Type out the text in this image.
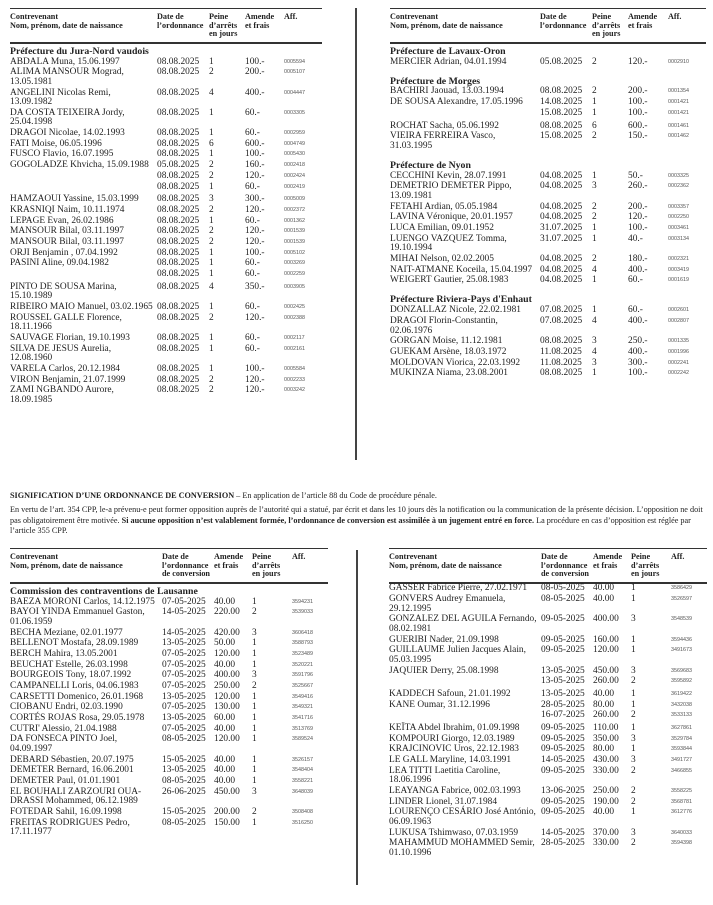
Contrevenant
Nom, prénom, date de naissance	Date de
l’ordonnance	Peine
d’arrêts
en jours	Amende
et frais	Aff.
Préfecture du Jura-Nord vaudois				
ABDALA Muna, 15.06.1997	08.08.2025	1	100.-	0005594
ALIMA MANSOUR Mograd, 13.05.1981	08.08.2025	2	200.-	0005107
ANGELINI Nicolas Remi, 13.09.1982	08.08.2025	4	400.-	0004447
DA COSTA TEIXEIRA Jordy, 25.04.1998	08.08.2025	1	60.-	0003305
DRAGOI Nicolae, 14.02.1993	08.08.2025	1	60.-	0002959
FATI Moise, 06.05.1996	08.08.2025	6	600.-	0004749
FUSCO Flavio, 16.07.1995	08.08.2025	1	100.-	0005430
GOGOLADZE Khvicha, 15.09.1988	05.08.2025	2	160.-	0002418
	08.08.2025	2	120.-	0002424
	08.08.2025	1	60.-	0002419
HAMZAOUI Yassine, 15.03.1999	08.08.2025	3	300.-	0005009
KRASNIQI Naim, 10.11.1974	08.08.2025	2	120.-	0002372
LEPAGE Evan, 26.02.1986	08.08.2025	1	60.-	0001362
MANSOUR Bilal, 03.11.1997	08.08.2025	2	120.-	0001539
MANSOUR Bilal, 03.11.1997	08.08.2025	2	120.-	0001539
ORJI Benjamin , 07.04.1992	08.08.2025	1	100.-	0005102
PASINI Aline, 09.04.1982	08.08.2025	1	60.-	0003269
	08.08.2025	1	60.-	0002259
PINTO DE SOUSA Marina, 15.10.1989	08.08.2025	4	350.-	0003905
RIBEIRO MAIO Manuel, 03.02.1965	08.08.2025	1	60.-	0002425
ROUSSEL GALLE Florence, 18.11.1966	08.08.2025	2	120.-	0002388
SAUVAGE Florian, 19.10.1993	08.08.2025	1	60.-	0002117
SILVA DE JESUS Aurelia, 12.08.1960	08.08.2025	1	60.-	0002161
VARELA Carlos, 20.12.1984	08.08.2025	1	100.-	0005584
VIRON Benjamin, 21.07.1999	08.08.2025	2	120.-	0002233
ZAMI NGBANDO Aurore, 18.09.1985	08.08.2025	2	120.-	0003242
Contrevenant
Nom, prénom, date de naissance	Date de
l’ordonnance	Peine
d’arrêts
en jours	Amende
et frais	Aff.
Préfecture de Lavaux-Oron				
MERCIER Adrian, 04.01.1994	05.08.2025	2	120.-	0002910
Préfecture de Morges				
BACHIRI Jaouad, 13.03.1994	08.08.2025	2	200.-	0001354
DE SOUSA Alexandre, 17.05.1996	14.08.2025	1	100.-	0001421
	15.08.2025	1	100.-	0001421
ROCHAT Sacha, 05.06.1992	08.08.2025	6	600.-	0001461
VIEIRA FERREIRA Vasco, 31.03.1995	15.08.2025	2	150.-	0001462
Préfecture de Nyon				
CECCHINI Kevin, 28.07.1991	04.08.2025	1	50.-	0003325
DEMETRIO DEMETER Pippo, 13.09.1981	04.08.2025	3	260.-	0002362
FETAHI Ardian, 05.05.1984	04.08.2025	2	200.-	0003357
LAVINA Véronique, 20.01.1957	04.08.2025	2	120.-	0002250
LUCA Emilian, 09.01.1952	31.07.2025	1	100.-	0003461
LUENGO VAZQUEZ Tomma, 19.10.1994	31.07.2025	1	40.-	0003134
MIHAI Nelson, 02.02.2005	04.08.2025	2	180.-	0002321
NAIT-ATMANE Koceila, 15.04.1997	04.08.2025	4	400.-	0003419
WEIGERT Gautier, 25.08.1983	04.08.2025	1	60.-	0001619
Préfecture Riviera-Pays d'Enhaut				
DONZALLAZ Nicole, 22.02.1981	07.08.2025	1	60.-	0002601
DRAGOI Florin-Constantin, 02.06.1976	07.08.2025	4	400.-	0002807
GORGAN Moise, 11.12.1981	08.08.2025	3	250.-	0001335
GUEKAM Arsène, 18.03.1972	11.08.2025	4	400.-	0001996
MOLDOVAN Viorica, 22.03.1992	11.08.2025	3	300.-	0002241
MUKINZA Niama, 23.08.2001	08.08.2025	1	100.-	0002242

SIGNIFICATION D’UNE ORDONNANCE DE CONVERSION – En application de l’article 88 du Code de procédure pénale.

En vertu de l’art. 354 CPP, le-a prévenu-e peut former opposition auprès de l’autorité qui a statué, par écrit et dans les 10 jours dès la notification ou la communication de la présente décision. L’opposition ne doit pas obligatoirement être motivée. Si aucune opposition n’est valablement formée, l’ordonnance de conversion est assimilée à un jugement entré en force. La procédure en cas d’opposition est réglée par l’article 355 CPP.

Contrevenant
Nom, prénom, date de naissance	Date de
l’ordonnance
de conversion	Amende
et frais	Peine
d’arrêts
en jours	Aff.
Commission des contraventions de Lausanne				
BAEZA MORONI Carlos, 14.12.1975	07-05-2025	40.00	1	3594231
BAYOI YINDA Emmanuel Gaston, 01.06.1959	14-05-2025	220.00	2	3539033
BECHA Meziane, 02.01.1977	14-05-2025	420.00	3	3606418
BELLENOT Mostafa, 28.09.1989	13-05-2025	50.00	1	3588793
BERCH Mahira, 13.05.2001	07-05-2025	120.00	1	3523489
BEUCHAT Estelle, 26.03.1998	07-05-2025	40.00	1	3520221
BOURGEOIS Tony, 18.07.1992	07-05-2025	400.00	3	3591796
CAMPANELLI Loris, 04.06.1983	07-05-2025	250.00	2	3525667
CARSETTI Domenico, 26.01.1968	13-05-2025	120.00	1	3549416
CIOBANU Endri, 02.03.1990	07-05-2025	130.00	1	3549321
CORTÉS ROJAS Rosa, 29.05.1978	13-05-2025	60.00	1	3541716
CUTRI' Alessio, 21.04.1988	07-05-2025	40.00	1	3513769
DA FONSECA PINTO Joel, 04.09.1997	08-05-2025	120.00	1	3589524
DEBARD Sébastien, 20.07.1975	15-05-2025	40.00	1	3526157
DEMETER Bernard, 16.06.2001	13-05-2025	40.00	1	3548404
DEMETER Paul, 01.01.1901	08-05-2025	40.00	1	3558221
EL BOUHALI ZARZOURI OUA-DRASSI Mohammed, 06.12.1989	26-06-2025	450.00	3	3648039
FOTEDAR Sahil, 16.09.1998	15-05-2025	200.00	2	3508408
FREITAS RODRIGUES Pedro, 17.11.1977	08-05-2025	150.00	1	3516250
Contrevenant
Nom, prénom, date de naissance	Date de
l’ordonnance
de conversion	Amende
et frais	Peine
d’arrêts
en jours	Aff.
GASSER Fabrice Pierre, 27.02.1971	08-05-2025	40.00	1	3586429
GONVERS Audrey Emanuela, 29.12.1995	08-05-2025	40.00	1	3526597
GONZALEZ DEL AGUILA Fernando, 08.02.1981	09-05-2025	400.00	3	3548539
GUERIBI Nader, 21.09.1998	09-05-2025	160.00	1	3594436
GUILLAUME Julien Jacques Alain, 05.03.1995	09-05-2025	120.00	1	3491673
JAQUIER Derry, 25.08.1998	13-05-2025	450.00	3	3569683
	13-05-2025	260.00	2	3595892
KADDECH Safoun, 21.01.1992	13-05-2025	40.00	1	3619422
KANE Oumar, 31.12.1996	28-05-2025	80.00	1	3432038
	16-07-2025	260.00	2	3533133
KEÏTA Abdel Ibrahim, 01.09.1998	09-05-2025	110.00	1	3627861
KOMPOURI Giorgo, 12.03.1989	09-05-2025	350.00	3	3529784
KRAJCINOVIC Uros, 22.12.1983	09-05-2025	80.00	1	3593844
LE GALL Maryline, 14.03.1991	14-05-2025	430.00	3	3491727
LEA TITTI Laetitia Caroline, 18.06.1996	09-05-2025	330.00	2	3466855
LEAYANGA Fabrice, 002.03.1993	13-06-2025	250.00	2	3558225
LINDER Lionel, 31.07.1984	09-05-2025	190.00	2	3568781
LOURENÇO CESÁRIO José António, 06.09.1963	09-05-2025	40.00	1	3612776
LUKUSA Tshimwaso, 07.03.1959	14-05-2025	370.00	3	3640033
MAHAMMUD MOHAMMED Semir, 01.10.1996	28-05-2025	330.00	2	3594398
